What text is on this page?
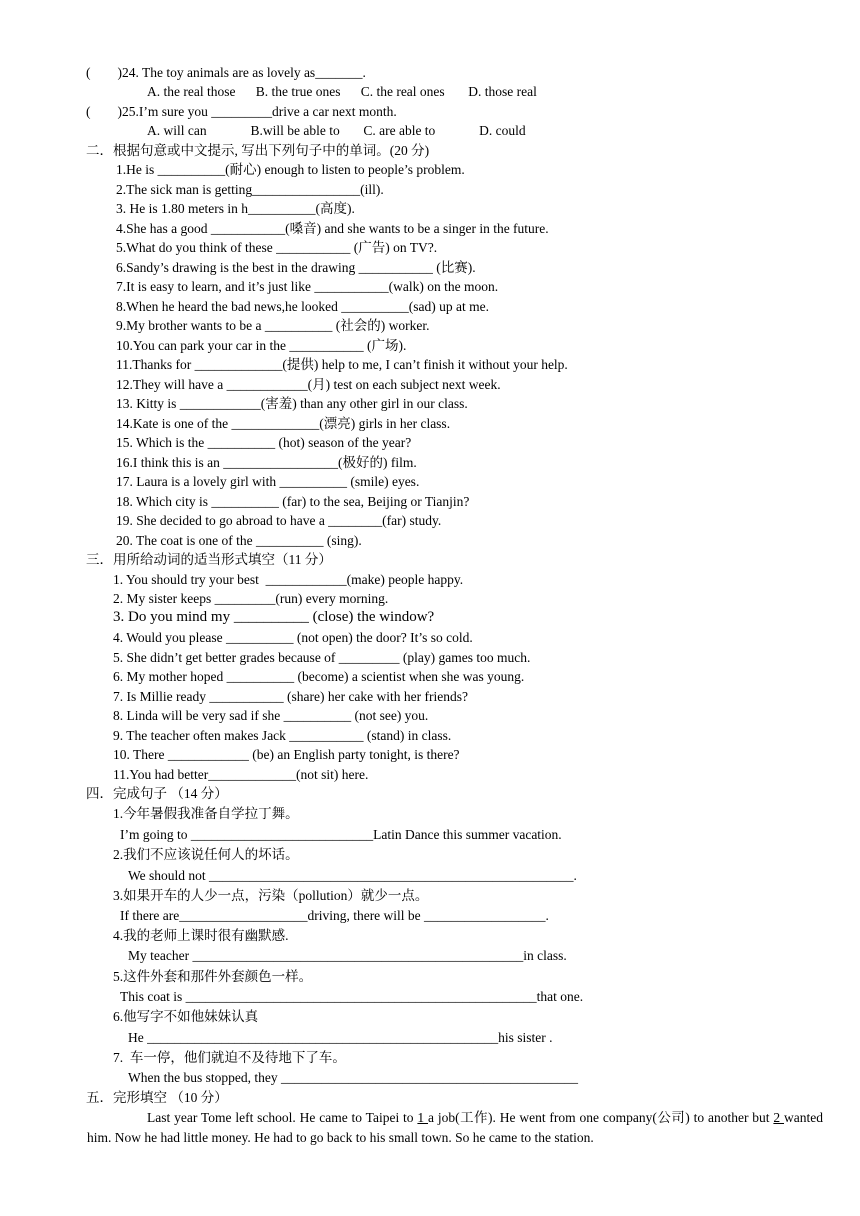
(        )24. The toy animals are as lovely as_______.
A. the real those      B. the true ones      C. the real ones       D. those real
(        )25.I’m sure you _________drive a car next month.
A. will can             B.will be able to       C. are able to             D. could
二．根据句意或中文提示, 写出下列句子中的单词。(20 分)
1.He is __________(耐心) enough to listen to people’s problem.
2.The sick man is getting________________(ill).
3. He is 1.80 meters in h__________(高度).
4.She has a good ___________(嗓音) and she wants to be a singer in the future.
5.What do you think of these ___________ (广告) on TV?.
6.Sandy’s drawing is the best in the drawing ___________ (比赛).
7.It is easy to learn, and it’s just like ___________(walk) on the moon.
8.When he heard the bad news,he looked __________(sad) up at me.
9.My brother wants to be a __________ (社会的) worker.
10.You can park your car in the ___________ (广场).
11.Thanks for _____________(提供) help to me, I can’t finish it without your help.
12.They will have a ____________(月) test on each subject next week.
13. Kitty is ____________(害羞) than any other girl in our class.
14.Kate is one of the _____________(漂亮) girls in her class.
15. Which is the __________ (hot) season of the year?
16.I think this is an _________________(极好的) film.
17. Laura is a lovely girl with __________ (smile) eyes.
18. Which city is __________ (far) to the sea, Beijing or Tianjin?
19. She decided to go abroad to have a ________(far) study.
20. The coat is one of the __________ (sing).
三．用所给动词的适当形式填空（11 分）
1. You should try your best  ____________(make) people happy.
2. My sister keeps _________(run) every morning.
3. Do you mind my __________ (close) the window?
4. Would you please __________ (not open) the door? It’s so cold.
5. She didn’t get better grades because of _________ (play) games too much.
6. My mother hoped __________ (become) a scientist when she was young.
7. Is Millie ready ___________ (share) her cake with her friends?
8. Linda will be very sad if she __________ (not see) you.
9. The teacher often makes Jack ___________ (stand) in class.
10. There ____________ (be) an English party tonight, is there?
11.You had better_____________(not sit) here.
四．完成句子 （14 分）
1.今年暑假我准备自学拉丁舞。
I’m going to ___________________________Latin Dance this summer vacation.
2.我们不应该说任何人的坏话。
We should not ______________________________________________________.
3.如果开车的人少一点，污染（pollution）就少一点。
If there are___________________driving, there will be __________________.
4.我的老师上课时很有幽默感.
My teacher _________________________________________________in class.
5.这件外套和那件外套颜色一样。
This coat is ____________________________________________________that one.
6.他写字不如他妹妹认真
He ____________________________________________________his sister .
7.  车一停，他们就迫不及待地下了车。
When the bus stopped, they ____________________________________________
五．完形填空 （10 分）
Last year Tome left school. He came to Taipei to 1 a job(工作). He went from one company(公司) to another but 2 wanted him. Now he had little money. He had to go back to his small town. So he came to the station.
